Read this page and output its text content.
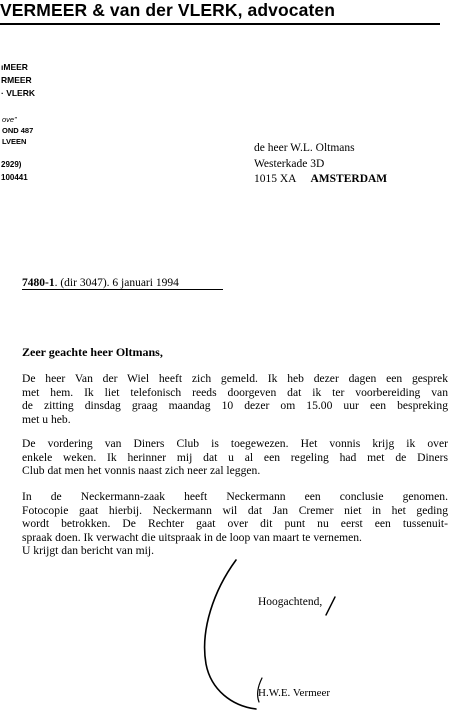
VERMEER & van der VLERK, advocaten
ıMEER
RMEER
· VLERK
ove”
OND 487
LVEEN
2929)
100441
de heer W.L. Oltmans
Westerkade 3D
1015 XA AMSTERDAM
7480-1. (dir 3047). 6 januari 1994
Zeer geachte heer Oltmans,
De heer Van der Wiel heeft zich gemeld. Ik heb dezer dagen een gesprek
met hem. Ik liet telefonisch reeds doorgeven dat ik ter voorbereiding van
de zitting dinsdag graag maandag 10 dezer om 15.00 uur een bespreking
met u heb.
De vordering van Diners Club is toegewezen. Het vonnis krijg ik over
enkele weken. Ik herinner mij dat u al een regeling had met de Diners
Club dat men het vonnis naast zich neer zal leggen.
In de Neckermann-zaak heeft Neckermann een conclusie genomen.
Fotocopie gaat hierbij. Neckermann wil dat Jan Cremer niet in het geding
wordt betrokken. De Rechter gaat over dit punt nu eerst een tussenuit-
spraak doen. Ik verwacht die uitspraak in de loop van maart te vernemen.
U krijgt dan bericht van mij.
Hoogachtend,
H.W.E. Vermeer
